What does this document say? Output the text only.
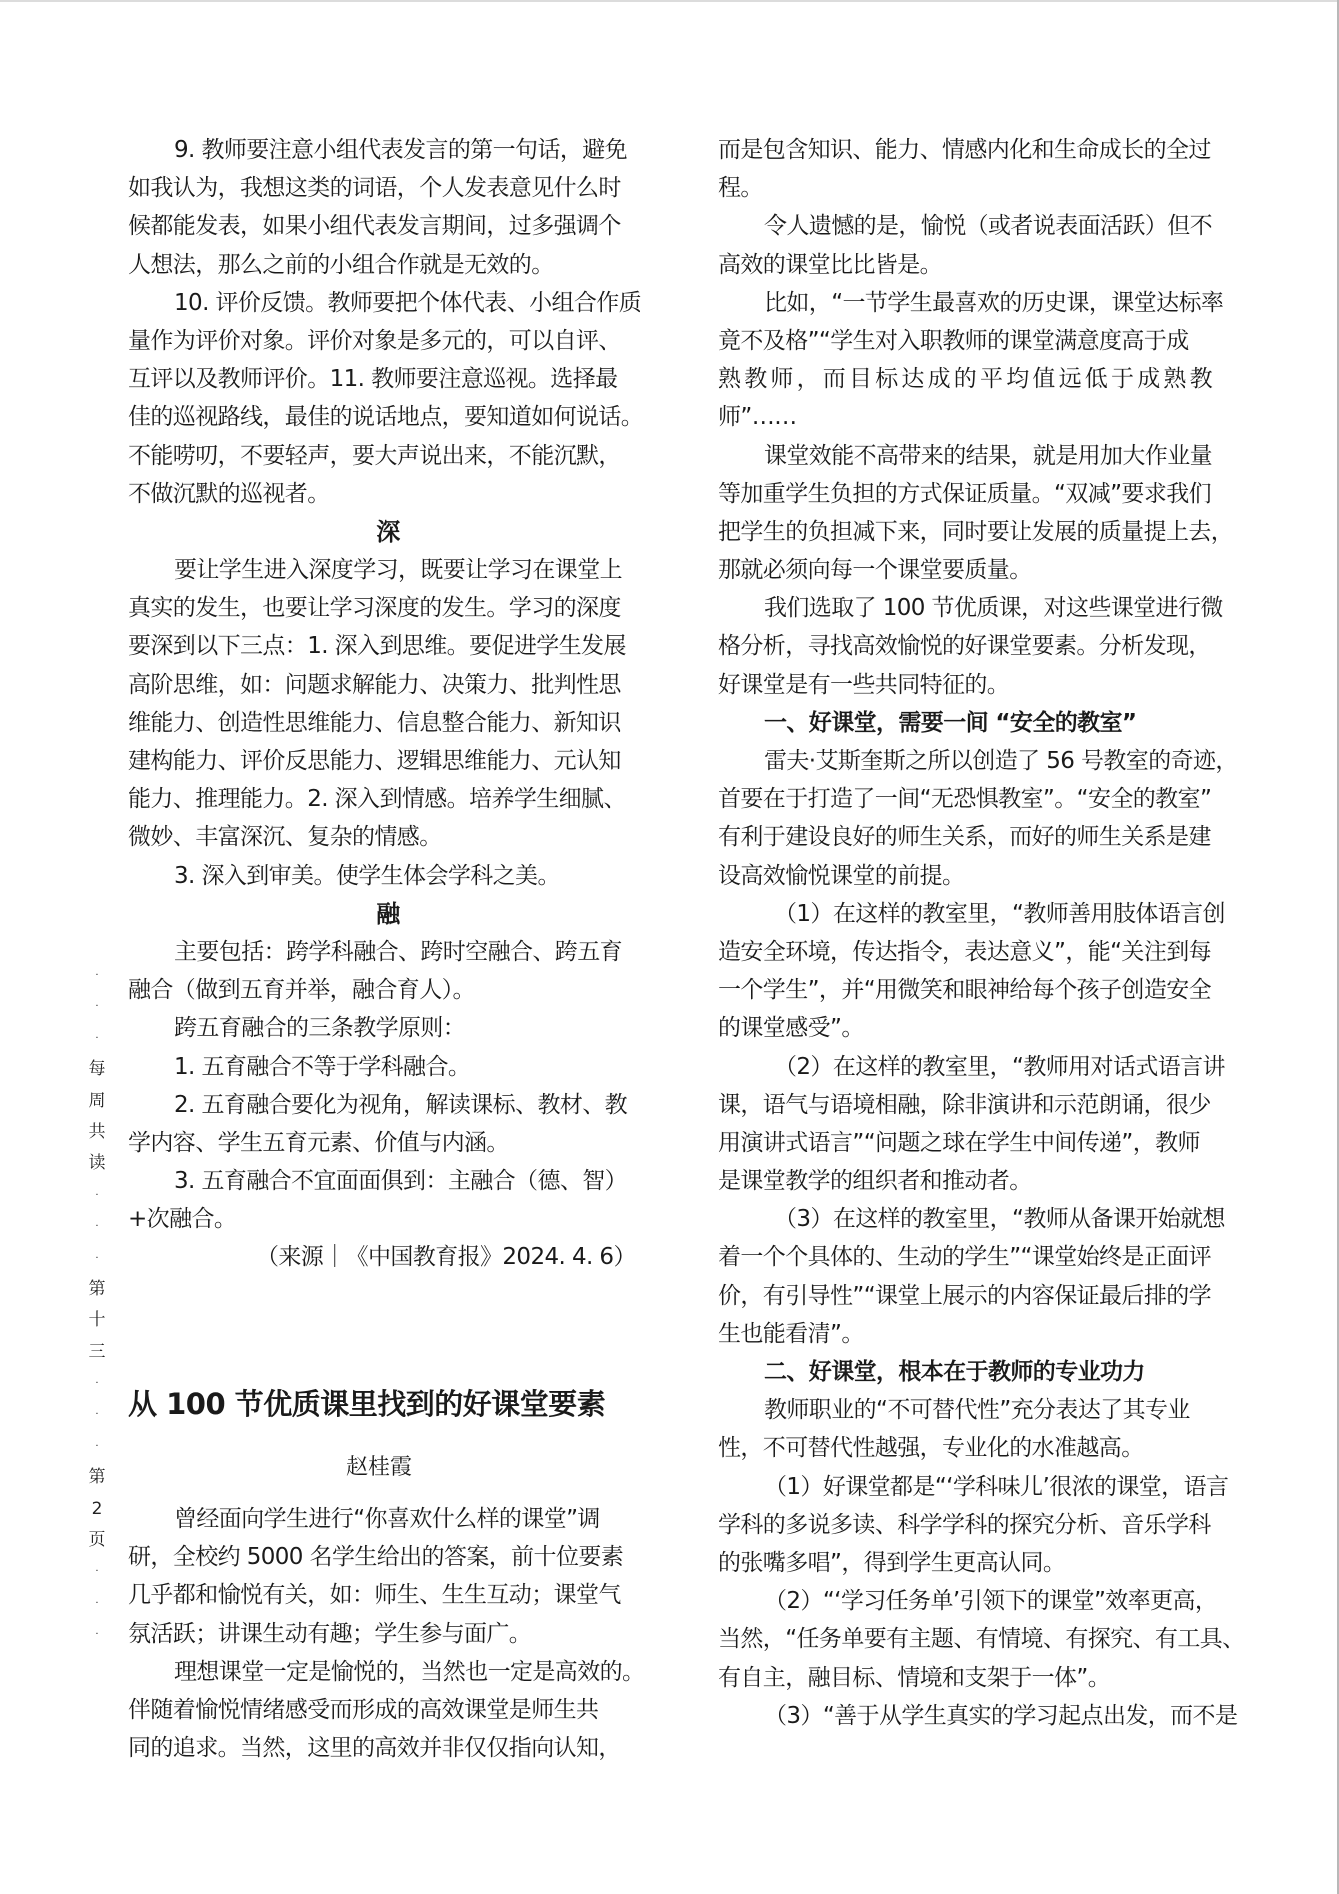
9. 教师要注意小组代表发言的第一句话，避免
如我认为，我想这类的词语，个人发表意见什么时
候都能发表，如果小组代表发言期间，过多强调个
人想法，那么之前的小组合作就是无效的。
10. 评价反馈。教师要把个体代表、小组合作质
量作为评价对象。评价对象是多元的，可以自评、
互评以及教师评价。11. 教师要注意巡视。选择最
佳的巡视路线，最佳的说话地点，要知道如何说话。
不能唠叨，不要轻声，要大声说出来，不能沉默，
不做沉默的巡视者。
深
要让学生进入深度学习，既要让学习在课堂上
真实的发生，也要让学习深度的发生。学习的深度
要深到以下三点：1. 深入到思维。要促进学生发展
高阶思维，如：问题求解能力、决策力、批判性思
维能力、创造性思维能力、信息整合能力、新知识
建构能力、评价反思能力、逻辑思维能力、元认知
能力、推理能力。2. 深入到情感。培养学生细腻、
微妙、丰富深沉、复杂的情感。
3. 深入到审美。使学生体会学科之美。
融
主要包括：跨学科融合、跨时空融合、跨五育
融合（做到五育并举，融合育人）。
跨五育融合的三条教学原则：
1. 五育融合不等于学科融合。
2. 五育融合要化为视角，解读课标、教材、教
学内容、学生五育元素、价值与内涵。
3. 五育融合不宜面面俱到：主融合（德、智）
+次融合。
（来源｜《中国教育报》2024. 4. 6）
从 100 节优质课里找到的好课堂要素
赵桂霞
曾经面向学生进行“你喜欢什么样的课堂”调
研，全校约 5000 名学生给出的答案，前十位要素
几乎都和愉悦有关，如：师生、生生互动；课堂气
氛活跃；讲课生动有趣；学生参与面广。
理想课堂一定是愉悦的，当然也一定是高效的。
伴随着愉悦情绪感受而形成的高效课堂是师生共
同的追求。当然，这里的高效并非仅仅指向认知，
而是包含知识、能力、情感内化和生命成长的全过
程。
令人遗憾的是，愉悦（或者说表面活跃）但不
高效的课堂比比皆是。
比如，“一节学生最喜欢的历史课，课堂达标率
竟不及格”“学生对入职教师的课堂满意度高于成
熟教师，而目标达成的平均值远低于成熟教
师”……
课堂效能不高带来的结果，就是用加大作业量
等加重学生负担的方式保证质量。“双减”要求我们
把学生的负担减下来，同时要让发展的质量提上去，
那就必须向每一个课堂要质量。
我们选取了 100 节优质课，对这些课堂进行微
格分析，寻找高效愉悦的好课堂要素。分析发现，
好课堂是有一些共同特征的。
一、好课堂，需要一间 “安全的教室”
雷夫·艾斯奎斯之所以创造了 56 号教室的奇迹，
首要在于打造了一间“无恐惧教室”。“安全的教室”
有利于建设良好的师生关系，而好的师生关系是建
设高效愉悦课堂的前提。
（1）在这样的教室里，“教师善用肢体语言创
造安全环境，传达指令，表达意义”，能“关注到每
一个学生”，并“用微笑和眼神给每个孩子创造安全
的课堂感受”。
（2）在这样的教室里，“教师用对话式语言讲
课，语气与语境相融，除非演讲和示范朗诵，很少
用演讲式语言”“问题之球在学生中间传递”，教师
是课堂教学的组织者和推动者。
（3）在这样的教室里，“教师从备课开始就想
着一个个具体的、生动的学生”“课堂始终是正面评
价，有引导性”“课堂上展示的内容保证最后排的学
生也能看清”。
二、好课堂，根本在于教师的专业功力
教师职业的“不可替代性”充分表达了其专业
性，不可替代性越强，专业化的水准越高。
（1）好课堂都是“‘学科味儿’很浓的课堂，语言
学科的多说多读、科学学科的探究分析、音乐学科
的张嘴多唱”，得到学生更高认同。
（2）“‘学习任务单’引领下的课堂”效率更高，
当然，“任务单要有主题、有情境、有探究、有工具、
有自主，融目标、情境和支架于一体”。
（3）“善于从学生真实的学习起点出发，而不是
·
·
·
每
周
共
读
·
·
·
第
十
三
·
·
·
第
2
页
·
·
·
